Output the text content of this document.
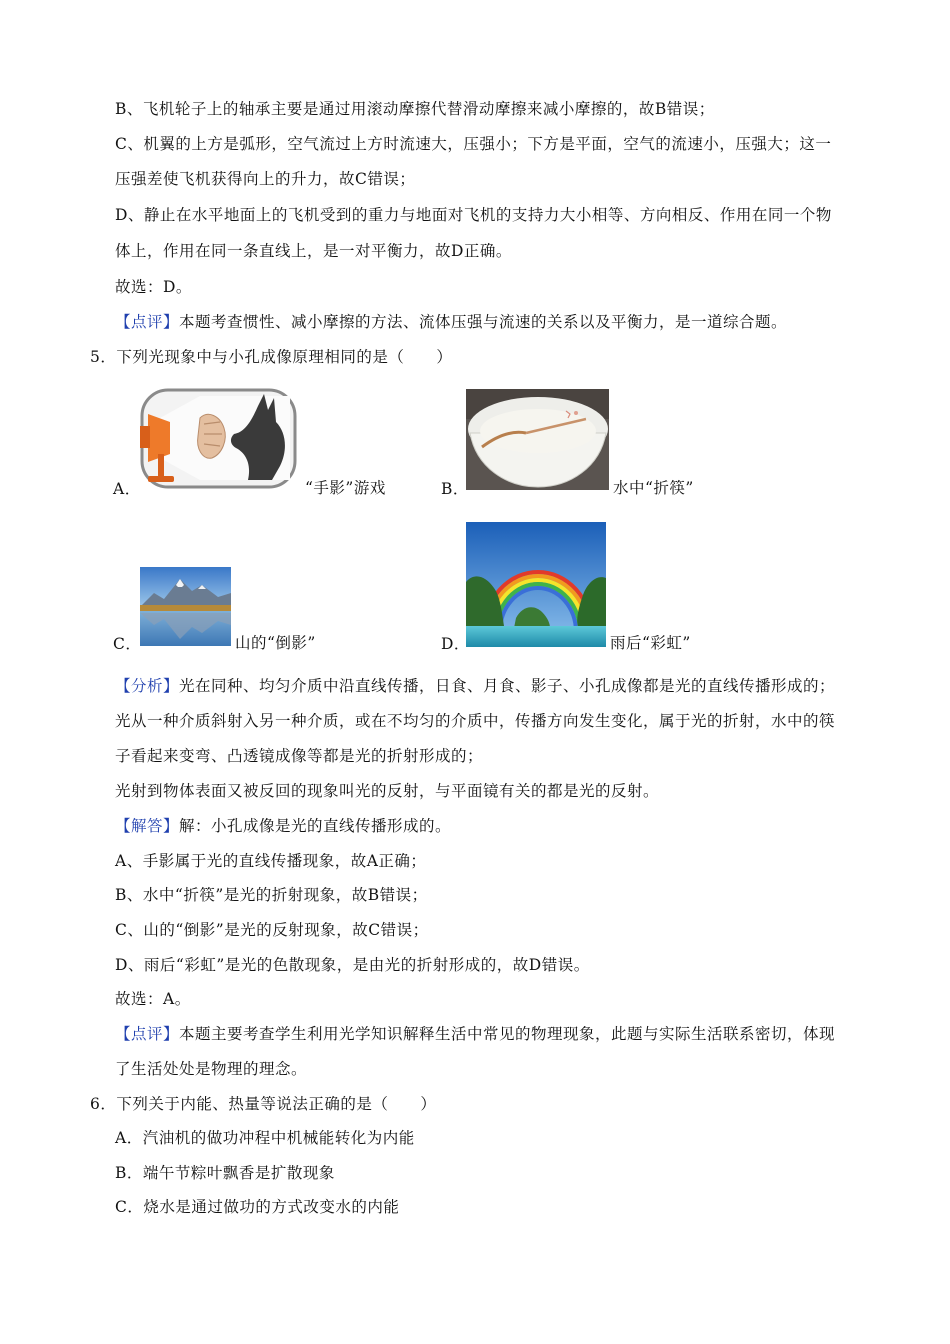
B、飞机轮子上的轴承主要是通过用滚动摩擦代替滑动摩擦来减小摩擦的，故B错误；
C、机翼的上方是弧形，空气流过上方时流速大，压强小；下方是平面，空气的流速小，压强大；这一
压强差使飞机获得向上的升力，故C错误；
D、静止在水平地面上的飞机受到的重力与地面对飞机的支持力大小相等、方向相反、作用在同一个物
体上，作用在同一条直线上，是一对平衡力，故D正确。
故选：D。
【点评】本题考查惯性、减小摩擦的方法、流体压强与流速的关系以及平衡力，是一道综合题。
5．下列光现象中与小孔成像原理相同的是（　　）
A．	“手影”游戏	B．	水中“折筷”
C．	山的“倒影”	D．	雨后“彩虹”
【分析】光在同种、均匀介质中沿直线传播，日食、月食、影子、小孔成像都是光的直线传播形成的；
光从一种介质斜射入另一种介质，或在不均匀的介质中，传播方向发生变化，属于光的折射，水中的筷
子看起来变弯、凸透镜成像等都是光的折射形成的；
光射到物体表面又被反回的现象叫光的反射，与平面镜有关的都是光的反射。
【解答】解：小孔成像是光的直线传播形成的。
A、手影属于光的直线传播现象，故A正确；
B、水中“折筷”是光的折射现象，故B错误；
C、山的“倒影”是光的反射现象，故C错误；
D、雨后“彩虹”是光的色散现象，是由光的折射形成的，故D错误。
故选：A。
【点评】本题主要考查学生利用光学知识解释生活中常见的物理现象，此题与实际生活联系密切，体现
了生活处处是物理的理念。
6．下列关于内能、热量等说法正确的是（　　）
A．汽油机的做功冲程中机械能转化为内能
B．端午节粽叶飘香是扩散现象
C．烧水是通过做功的方式改变水的内能
